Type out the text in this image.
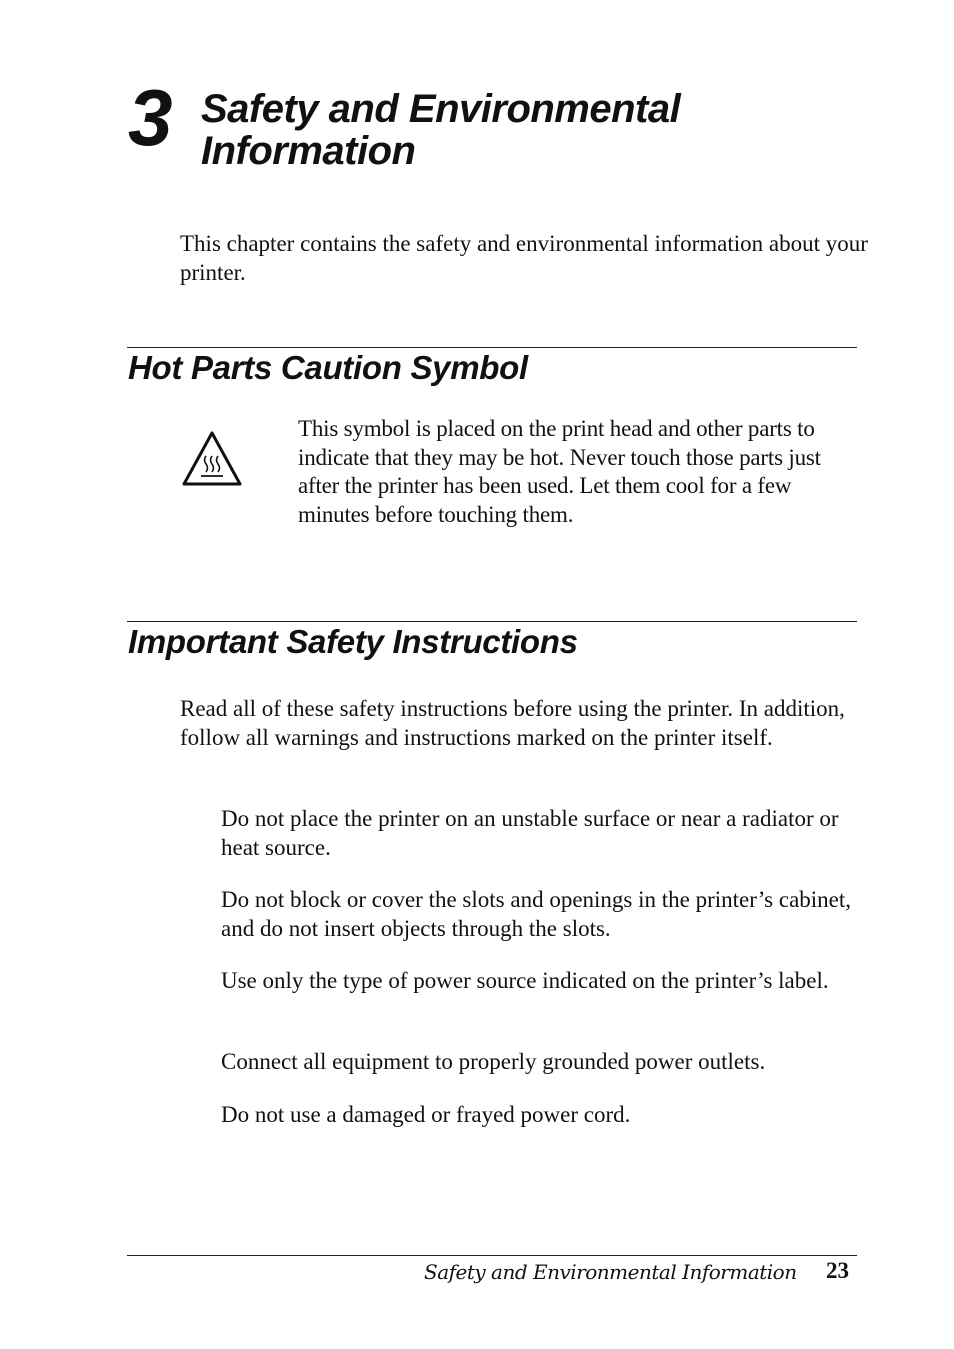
3 Safety and Environmental Information

This chapter contains the safety and environmental information about your printer.

Hot Parts Caution Symbol

This symbol is placed on the print head and other parts to indicate that they may be hot. Never touch those parts just after the printer has been used. Let them cool for a few minutes before touching them.

Important Safety Instructions

Read all of these safety instructions before using the printer. In addition, follow all warnings and instructions marked on the printer itself.

Do not place the printer on an unstable surface or near a radiator or heat source.

Do not block or cover the slots and openings in the printer’s cabinet, and do not insert objects through the slots.

Use only the type of power source indicated on the printer’s label.

Connect all equipment to properly grounded power outlets.

Do not use a damaged or frayed power cord.

Safety and Environmental Information 23
